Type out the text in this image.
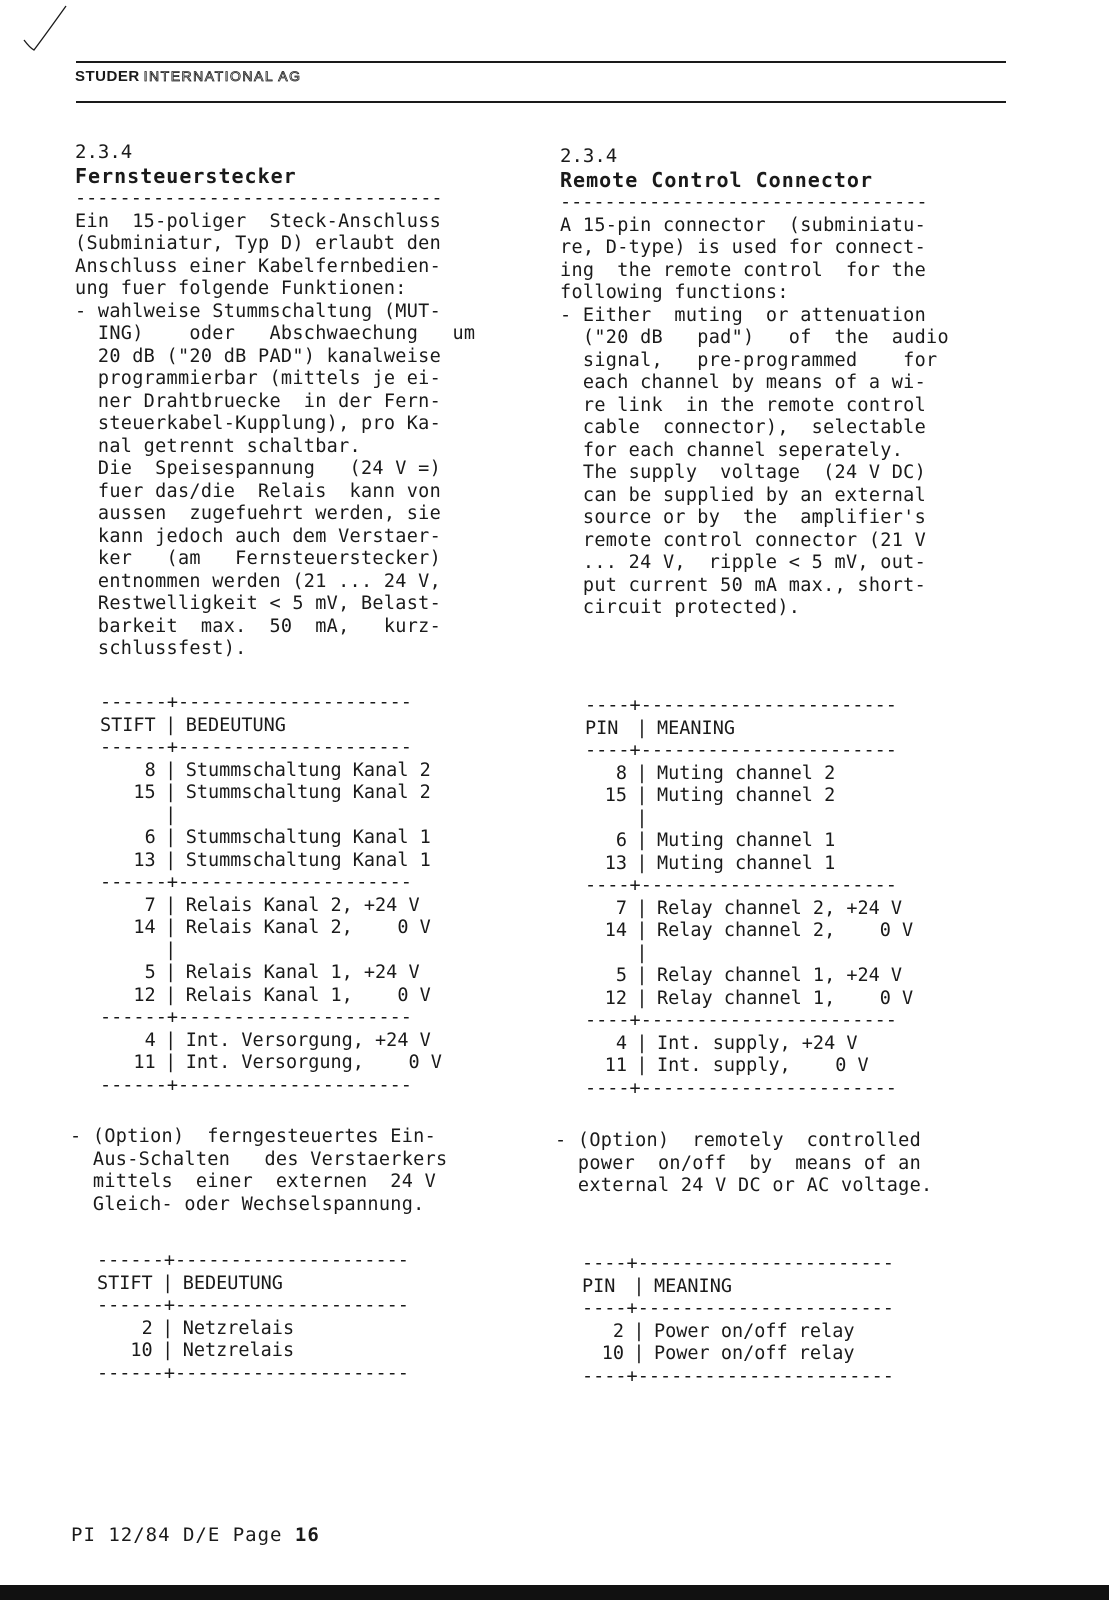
STUDER INTERNATIONAL AG
2.3.4
Fernsteuerstecker
---------------------------------
Ein  15-poliger  Steck-Anschluss
(Subminiatur, Typ D) erlaubt den
Anschluss einer Kabelfernbedien-
ung fuer folgende Funktionen:
- wahlweise Stummschaltung (MUT-
ING)    oder   Abschwaechung   um
20 dB ("20 dB PAD") kanalweise
programmierbar (mittels je ei-
ner Drahtbruecke  in der Fern-
steuerkabel-Kupplung), pro Ka-
nal getrennt schaltbar.
Die  Speisespannung   (24 V =)
fuer das/die  Relais  kann von
aussen  zugefuehrt werden, sie
kann jedoch auch dem Verstaer-
ker   (am   Fernsteuerstecker)
entnommen werden (21 ... 24 V,
Restwelligkeit < 5 mV, Belast-
barkeit  max.  50  mA,   kurz-
schlussfest).
------+---------------------
STIFT	|	BEDEUTUNG
------+---------------------		
8	|	Stummschaltung Kanal 2
15	|	Stummschaltung Kanal 2
	|	
6	|	Stummschaltung Kanal 1
13	|	Stummschaltung Kanal 1
------+---------------------		
7	|	Relais Kanal 2, +24 V
14	|	Relais Kanal 2,    0 V
	|	
5	|	Relais Kanal 1, +24 V
12	|	Relais Kanal 1,    0 V
------+---------------------		
4	|	Int. Versorgung, +24 V
11	|	Int. Versorgung,    0 V
------+---------------------		
- (Option)  ferngesteuertes Ein-
Aus-Schalten   des Verstaerkers
mittels  einer  externen  24 V
Gleich- oder Wechselspannung.
------+---------------------
STIFT	|	BEDEUTUNG
------+---------------------		
2	|	Netzrelais
10	|	Netzrelais
------+---------------------		
2.3.4
Remote Control Connector
---------------------------------
A 15-pin connector  (subminiatu-
re, D-type) is used for connect-
ing  the remote control  for the
following functions:
- Either  muting  or attenuation
("20 dB   pad")   of  the  audio
signal,   pre-programmed    for
each channel by means of a wi-
re link  in the remote control
cable  connector),  selectable
for each channel seperately.
The supply  voltage  (24 V DC)
can be supplied by an external
source or by  the  amplifier's
remote control connector (21 V
... 24 V,  ripple < 5 mV, out-
put current 50 mA max., short-
circuit protected).
----+-----------------------
PIN	|	MEANING
----+-----------------------		
8	|	Muting channel 2
15	|	Muting channel 2
	|	
6	|	Muting channel 1
13	|	Muting channel 1
----+-----------------------		
7	|	Relay channel 2, +24 V
14	|	Relay channel 2,    0 V
	|	
5	|	Relay channel 1, +24 V
12	|	Relay channel 1,    0 V
----+-----------------------		
4	|	Int. supply, +24 V
11	|	Int. supply,    0 V
----+-----------------------		
- (Option)  remotely  controlled
power  on/off  by  means of an
external 24 V DC or AC voltage.
----+-----------------------
PIN	|	MEANING
----+-----------------------		
2	|	Power on/off relay
10	|	Power on/off relay
----+-----------------------		
PI 12/84 D/E Page 16
